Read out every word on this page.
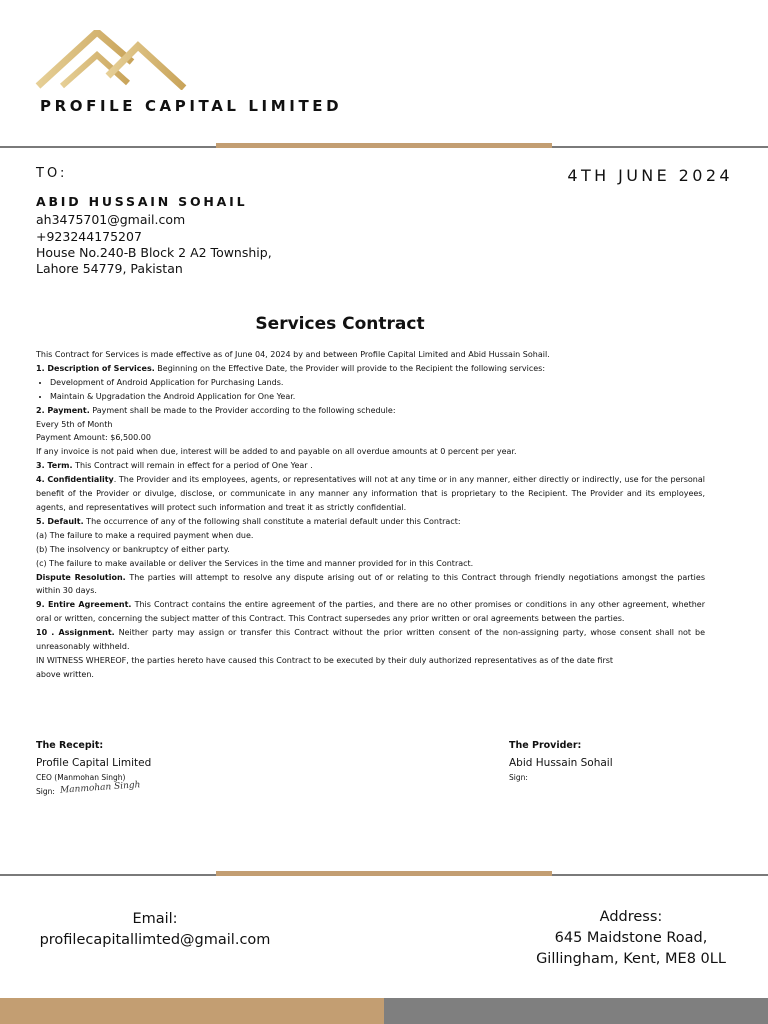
PROFILE CAPITAL LIMITED
TO:	4TH JUNE 2024
ABID HUSSAIN SOHAIL
ah3475701@gmail.com
+923244175207
House No.240-B Block 2 A2 Township,
Lahore 54779, Pakistan
Services Contract

This Contract for Services is made effective as of June 04, 2024 by and between Profile Capital Limited and Abid Hussain Sohail.

1. Description of Services. Beginning on the Effective Date, the Provider will provide to the Recipient the following services:

• Development of Android Application for Purchasing Lands.
• Maintain & Upgradation the Android Application for One Year.

2. Payment. Payment shall be made to the Provider according to the following schedule:

Every 5th of Month

Payment Amount: $6,500.00

If any invoice is not paid when due, interest will be added to and payable on all overdue amounts at 0 percent per year.

3. Term. This Contract will remain in effect for a period of One Year .

4. Confidentiality. The Provider and its employees, agents, or representatives will not at any time or in any manner, either directly or indirectly, use for the personal benefit of the Provider or divulge, disclose, or communicate in any manner any information that is proprietary to the Recipient. The Provider and its employees, agents, and representatives will protect such information and treat it as strictly confidential.

5. Default. The occurrence of any of the following shall constitute a material default under this Contract:

(a) The failure to make a required payment when due.

(b) The insolvency or bankruptcy of either party.

(c) The failure to make available or deliver the Services in the time and manner provided for in this Contract.

Dispute Resolution. The parties will attempt to resolve any dispute arising out of or relating to this Contract through friendly negotiations amongst the parties within 30 days.

9. Entire Agreement. This Contract contains the entire agreement of the parties, and there are no other promises or conditions in any other agreement, whether oral or written, concerning the subject matter of this Contract. This Contract supersedes any prior written or oral agreements between the parties.

10 . Assignment. Neither party may assign or transfer this Contract without the prior written consent of the non-assigning party, whose consent shall not be unreasonably withheld.

IN WITNESS WHEREOF, the parties hereto have caused this Contract to be executed by their duly authorized representatives as of the date first

above written.

The Recepit:
Profile Capital Limited
CEO (Manmohan Singh)
Sign: Manmohan Singh
The Provider:
Abid Hussain Sohail
Sign:
Email:
profilecapitallimted@gmail.com
Address:
645 Maidstone Road,
Gillingham, Kent, ME8 0LL
